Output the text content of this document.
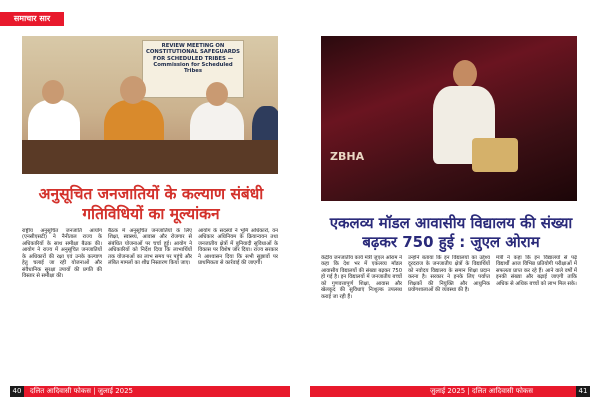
समाचार सार
REVIEW MEETING ON CONSTITUTIONAL SAFEGUARDS FOR SCHEDULED TRIBES — Commission for Scheduled Tribes
अनुसूचित जनजातियों के कल्याण संबंधी गतिविधियों का मूल्यांकन
राष्ट्रीय अनुसूचित जनजाति आयोग (एनसीएसटी) ने नैनीताल राज्य के अधिकारियों के साथ समीक्षा बैठक की। आयोग ने राज्य में अनुसूचित जनजातियों के अधिकारों की रक्षा एवं उनके कल्याण हेतु चलाई जा रही योजनाओं और संवैधानिक सुरक्षा उपायों की प्रगति की विस्तार से समीक्षा की।
बैठक में अनुसूचित जनजातियों के लिए शिक्षा, स्वास्थ्य, आवास और रोजगार से संबंधित योजनाओं पर चर्चा हुई। आयोग ने अधिकारियों को निर्देश दिया कि लाभार्थियों तक योजनाओं का लाभ समय पर पहुंचे और लंबित मामलों का शीघ्र निस्तारण किया जाए।
आयोग के सदस्यों ने भूमि अधिकारों, वन अधिकार अधिनियम के क्रियान्वयन तथा जनजातीय क्षेत्रों में बुनियादी सुविधाओं के विकास पर विशेष जोर दिया। राज्य सरकार ने आश्वासन दिया कि सभी सुझावों पर प्राथमिकता से कार्रवाई की जाएगी।
40	दलित आदिवासी फोकस | जुलाई 2025
ZBHA
एकलव्य मॉडल आवासीय विद्यालय की संख्या बढ़कर 750 हुई : जुएल ओराम
केंद्रीय जनजातीय कार्य मंत्री जुएल ओराम ने कहा कि देश भर में एकलव्य मॉडल आवासीय विद्यालयों की संख्या बढ़कर 750 हो गई है। इन विद्यालयों में जनजातीय बच्चों को गुणवत्तापूर्ण शिक्षा, आवास और खेलकूद की सुविधाएं निःशुल्क उपलब्ध कराई जा रही हैं।
उन्होंने बताया कि इन विद्यालयों का उद्देश्य दूरदराज के जनजातीय क्षेत्रों के विद्यार्थियों को नवोदय विद्यालय के समान शिक्षा प्रदान करना है। सरकार ने इनके लिए पर्याप्त शिक्षकों की नियुक्ति और आधुनिक प्रयोगशालाओं की व्यवस्था की है।
मंत्री ने कहा कि इन विद्यालयों से पढ़े विद्यार्थी आज विभिन्न प्रतियोगी परीक्षाओं में सफलता प्राप्त कर रहे हैं। आने वाले वर्षों में इनकी संख्या और बढ़ाई जाएगी ताकि अधिक से अधिक बच्चों को लाभ मिल सके।
जुलाई 2025 | दलित आदिवासी फोकस	41
